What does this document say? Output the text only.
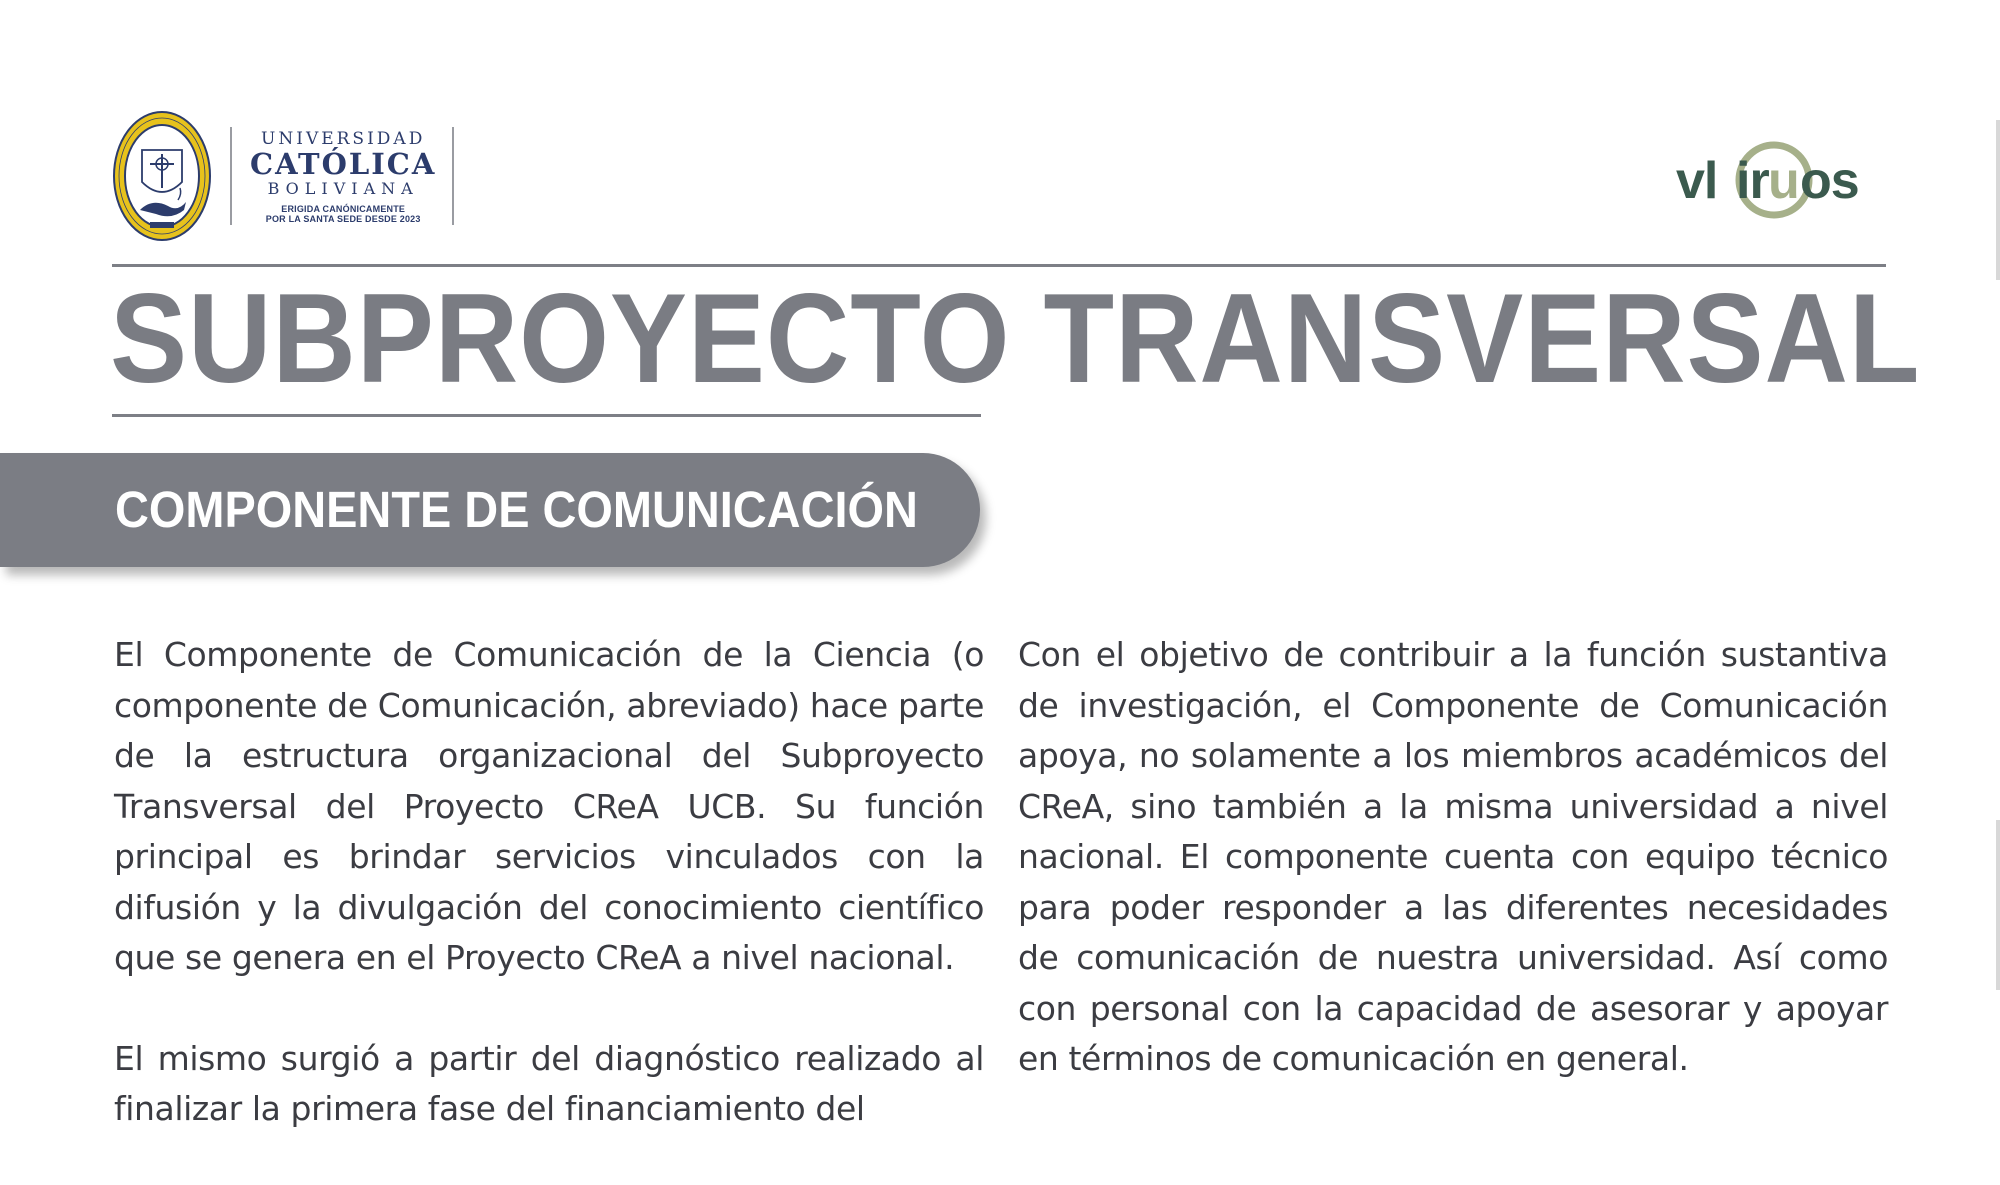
UNIVERSIDAD
CATÓLICA
BOLIVIANA
ERIGIDA CANÓNICAMENTE
POR LA SANTA SEDE DESDE 2023
vl ir u os
SUBPROYECTO TRANSVERSAL
COMPONENTE DE COMUNICACIÓN

El Componente de Comunicación de la Ciencia (o componente de Comunicación, abreviado) hace parte de la estructura organizacional del Subproyecto Transversal del Proyecto CReA UCB. Su función principal es brindar servicios vinculados con la difusión y la divulgación del conocimiento científico que se genera en el Proyecto CReA a nivel nacional.

El mismo surgió a partir del diagnóstico realizado al finalizar la primera fase del financiamiento del

Con el objetivo de contribuir a la función sustantiva de investigación, el Componente de Comunicación apoya, no solamente a los miembros académicos del CReA, sino también a la misma universidad a nivel nacional. El componente cuenta con equipo técnico para poder responder a las diferentes necesidades de comunicación de nuestra universidad. Así como con personal con la capacidad de asesorar y apoyar en términos de comunicación en general.
